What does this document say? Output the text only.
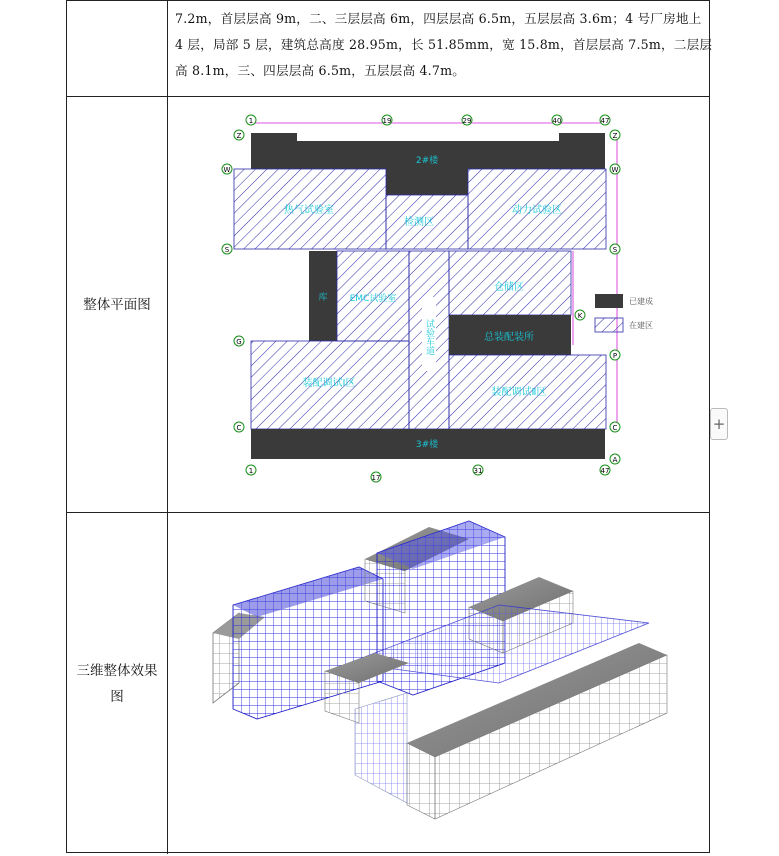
7.2m，首层层高 9m，二、三层层高 6m，四层层高 6.5m，五层层高 3.6m；4 号厂房地上
4 层，局部 5 层，建筑总高度 28.95m，长 51.85mm，宽 15.8m，首层层高 7.5m，二层层
高 8.1m，三、四层层高 6.5m，五层层高 4.7m。
整体平面图
2#楼
热气试验室
检测区
动力试验区
库 EMC试验室
试验车道
仓储区
总装配装所
装配调试Ⅰ区
装配调试Ⅱ区
3#楼
1	19	29	40	47
1
17
31	47
Z
W
S
G
C
Z
W
S
K
P
C
A
已建成
在建区
三维整体效果
图
+
